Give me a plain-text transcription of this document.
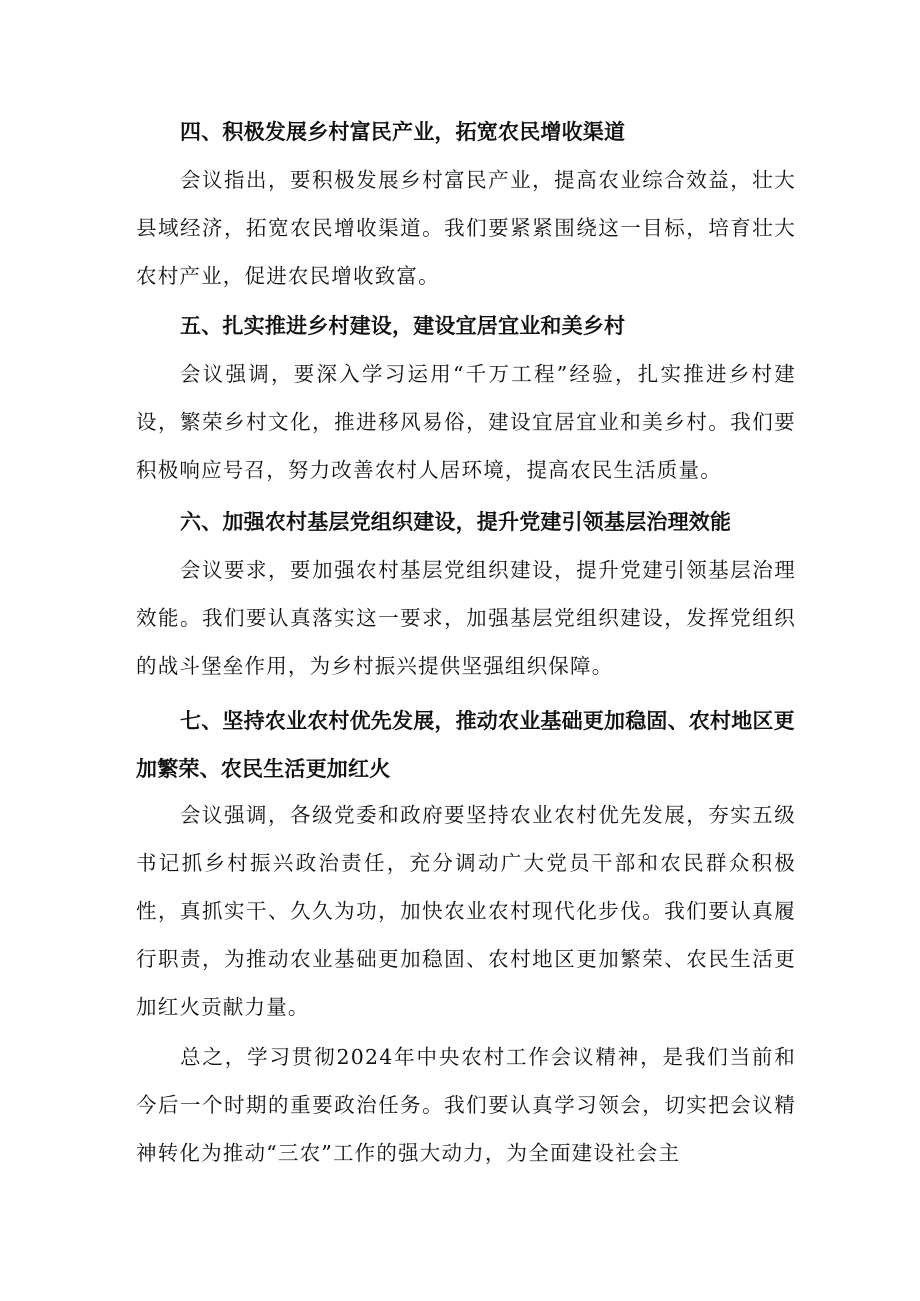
四、积极发展乡村富民产业，拓宽农民增收渠道

会议指出，要积极发展乡村富民产业，提高农业综合效益，壮大县域经济，拓宽农民增收渠道。我们要紧紧围绕这一目标，培育壮大农村产业，促进农民增收致富。

五、扎实推进乡村建设，建设宜居宜业和美乡村

会议强调，要深入学习运用“千万工程”经验，扎实推进乡村建设，繁荣乡村文化，推进移风易俗，建设宜居宜业和美乡村。我们要积极响应号召，努力改善农村人居环境，提高农民生活质量。

六、加强农村基层党组织建设，提升党建引领基层治理效能

会议要求，要加强农村基层党组织建设，提升党建引领基层治理效能。我们要认真落实这一要求，加强基层党组织建设，发挥党组织的战斗堡垒作用，为乡村振兴提供坚强组织保障。

七、坚持农业农村优先发展，推动农业基础更加稳固、农村地区更加繁荣、农民生活更加红火

会议强调，各级党委和政府要坚持农业农村优先发展，夯实五级书记抓乡村振兴政治责任，充分调动广大党员干部和农民群众积极性，真抓实干、久久为功，加快农业农村现代化步伐。我们要认真履行职责，为推动农业基础更加稳固、农村地区更加繁荣、农民生活更加红火贡献力量。

总之，学习贯彻2024年中央农村工作会议精神，是我们当前和今后一个时期的重要政治任务。我们要认真学习领会，切实把会议精神转化为推动“三农”工作的强大动力，为全面建设社会主
